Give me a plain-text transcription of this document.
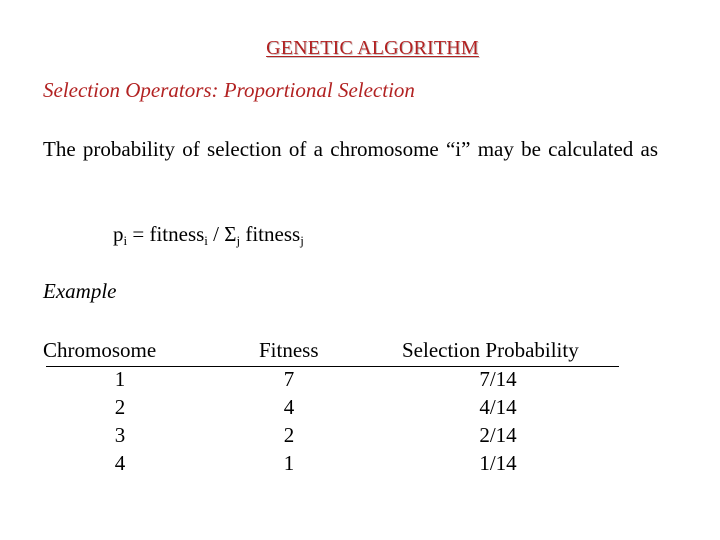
GENETIC ALGORITHM
Selection Operators: Proportional Selection
The probability of selection of a chromosome “i” may be calculated as
$p_i$ = fitness$_i$ / $\Sigma_j$ fitness$_j$
Example
Chromosome	Fitness	Selection Probability
1	7	7/14
2	4	4/14
3	2	2/14
4	1	1/14
